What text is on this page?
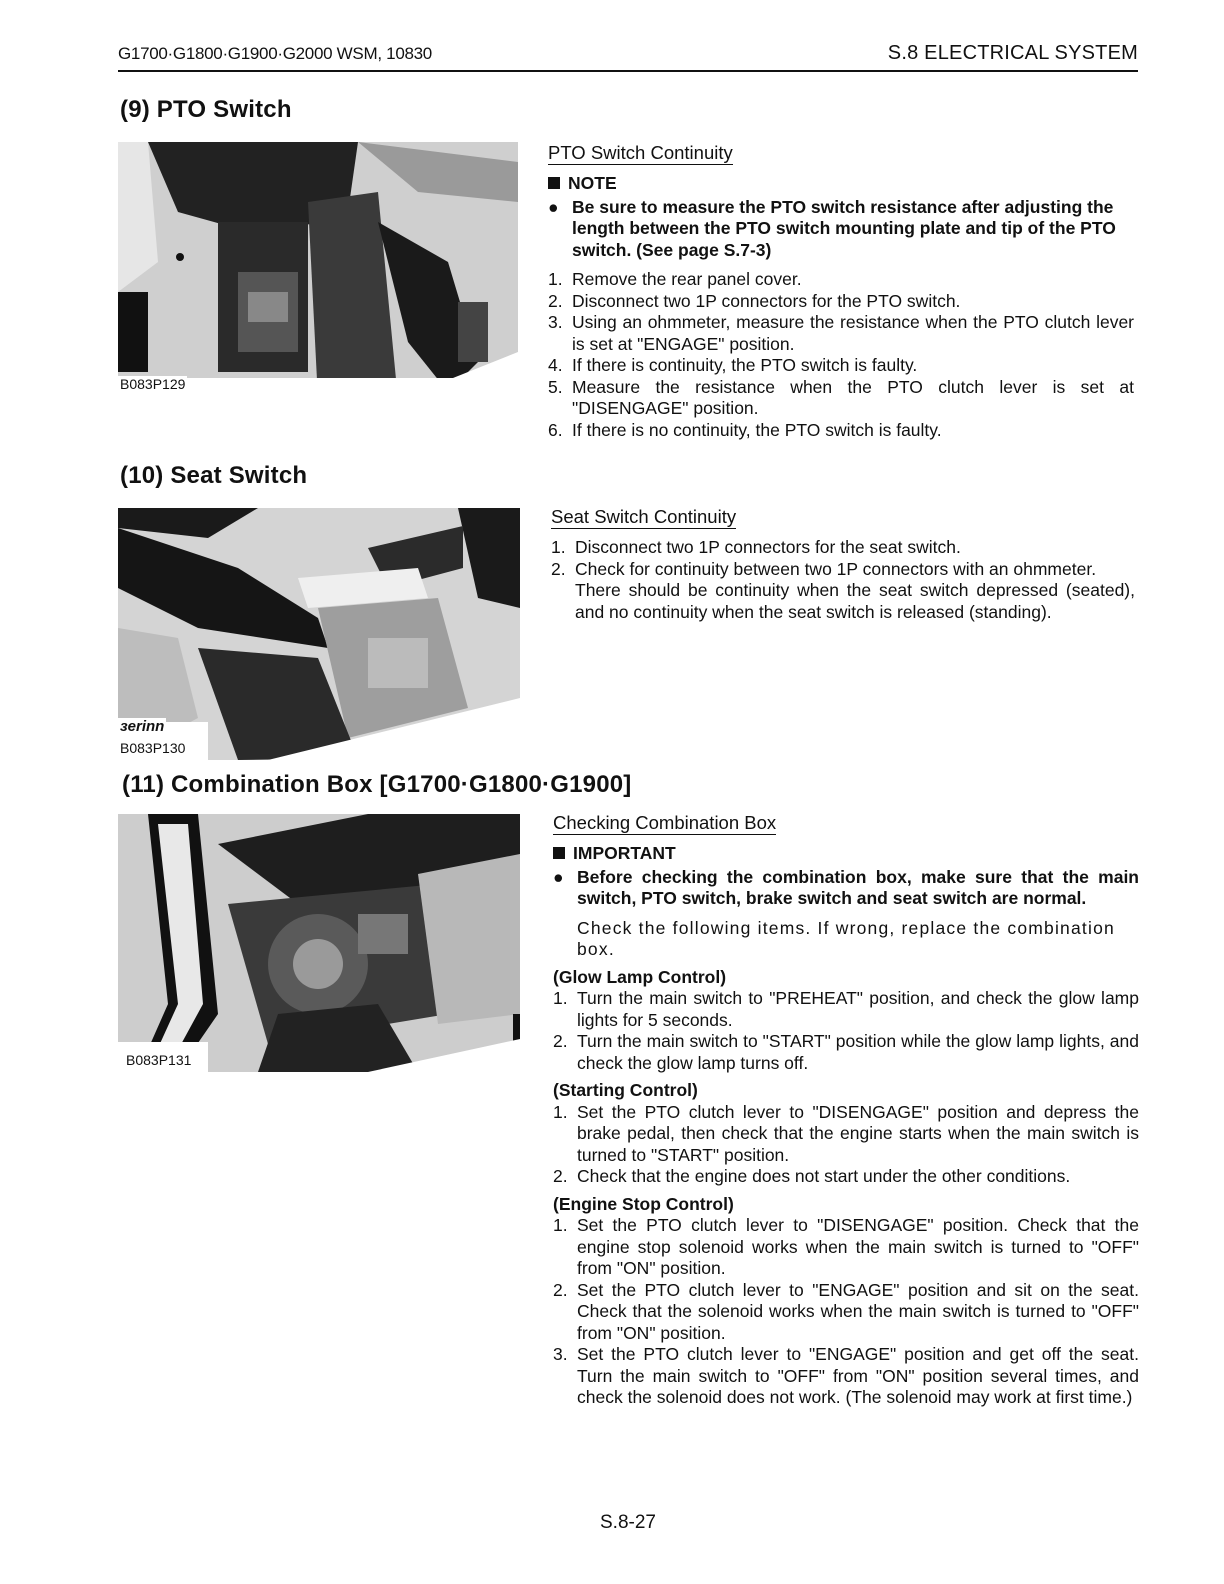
G1700·G1800·G1900·G2000 WSM, 10830	S.8 ELECTRICAL SYSTEM
(9) PTO Switch
B083P129
PTO Switch Continuity
NOTE
● Be sure to measure the PTO switch resistance after adjusting the length between the PTO switch mounting plate and tip of the PTO switch. (See page S.7-3)
1. Remove the rear panel cover.
2. Disconnect two 1P connectors for the PTO switch.
3. Using an ohmmeter, measure the resistance when the PTO clutch lever is set at "ENGAGE" position.
4. If there is continuity, the PTO switch is faulty.
5. Measure the resistance when the PTO clutch lever is set at "DISENGAGE" position.
6. If there is no continuity, the PTO switch is faulty.
(10) Seat Switch
ɜerinn
B083P130
Seat Switch Continuity
1. Disconnect two 1P connectors for the seat switch.
2. Check for continuity between two 1P connectors with an ohmmeter.
There should be continuity when the seat switch depressed (seated), and no continuity when the seat switch is released (standing).
(11) Combination Box [G1700·G1800·G1900]
B083P131
Checking Combination Box
IMPORTANT
● Before checking the combination box, make sure that the main switch, PTO switch, brake switch and seat switch are normal.
Check the following items. If wrong, replace the combination box.
(Glow Lamp Control)
1. Turn the main switch to "PREHEAT" position, and check the glow lamp lights for 5 seconds.
2. Turn the main switch to "START" position while the glow lamp lights, and check the glow lamp turns off.
(Starting Control)
1. Set the PTO clutch lever to "DISENGAGE" position and depress the brake pedal, then check that the engine starts when the main switch is turned to "START" position.
2. Check that the engine does not start under the other conditions.
(Engine Stop Control)
1. Set the PTO clutch lever to "DISENGAGE" position. Check that the engine stop solenoid works when the main switch is turned to "OFF" from "ON" position.
2. Set the PTO clutch lever to "ENGAGE" position and sit on the seat. Check that the solenoid works when the main switch is turned to "OFF" from "ON" position.
3. Set the PTO clutch lever to "ENGAGE" position and get off the seat. Turn the main switch to "OFF" from "ON" position several times, and check the solenoid does not work. (The solenoid may work at first time.)
S.8-27
